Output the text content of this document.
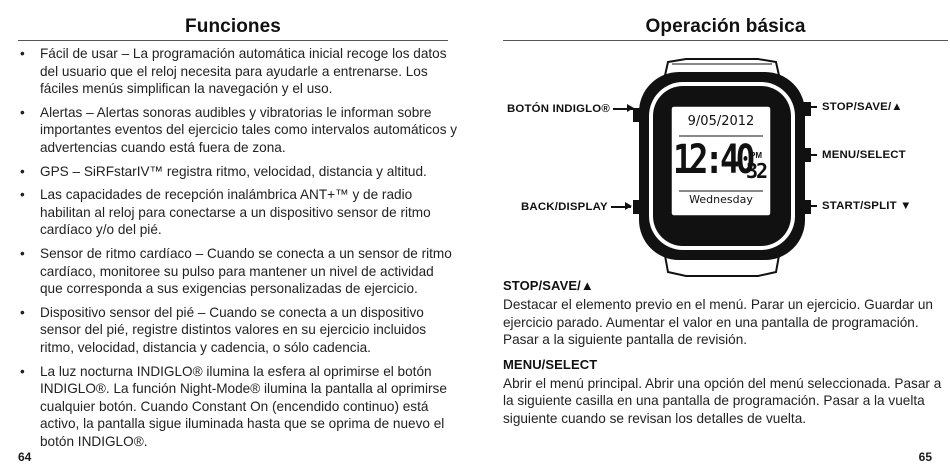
Funciones
• Fácil de usar – La programación automática inicial recoge los datos del usuario que el reloj necesita para ayudarle a entrenarse. Los fáciles menús simplifican la navegación y el uso.
• Alertas – Alertas sonoras audibles y vibratorias le informan sobre importantes eventos del ejercicio tales como intervalos automáticos y advertencias cuando está fuera de zona.
• GPS – SiRFstarIV™ registra ritmo, velocidad, distancia y altitud.
• Las capacidades de recepción inalámbrica ANT+™ y de radio habilitan al reloj para conectarse a un dispositivo sensor de ritmo cardíaco y/o del pié.
• Sensor de ritmo cardíaco – Cuando se conecta a un sensor de ritmo cardíaco, monitoree su pulso para mantener un nivel de actividad que corresponda a sus exigencias personalizadas de ejercicio.
• Dispositivo sensor del pié – Cuando se conecta a un dispositivo sensor del pié, registre distintos valores en su ejercicio incluidos ritmo, velocidad, distancia y cadencia, o sólo cadencia.
• La luz nocturna INDIGLO® ilumina la esfera al oprimirse el botón INDIGLO®. La función Night-Mode® ilumina la pantalla al oprimirse cualquier botón. Cuando Constant On (encendido continuo) está activo, la pantalla sigue iluminada hasta que se oprima de nuevo el botón INDIGLO®.
64
Operación básica
9/05/2012
12:40
PM
32
Wednesday
BOTÓN INDIGLO®
BACK/DISPLAY
STOP/SAVE/▲
MENU/SELECT
START/SPLIT ▼
STOP/SAVE/▲
Destacar el elemento previo en el menú. Parar un ejercicio. Guardar un ejercicio parado. Aumentar el valor en una pantalla de programación. Pasar a la siguiente pantalla de revisión.
MENU/SELECT
Abrir el menú principal. Abrir una opción del menú seleccionada. Pasar a la siguiente casilla en una pantalla de programación. Pasar a la vuelta siguiente cuando se revisan los detalles de vuelta.
65
